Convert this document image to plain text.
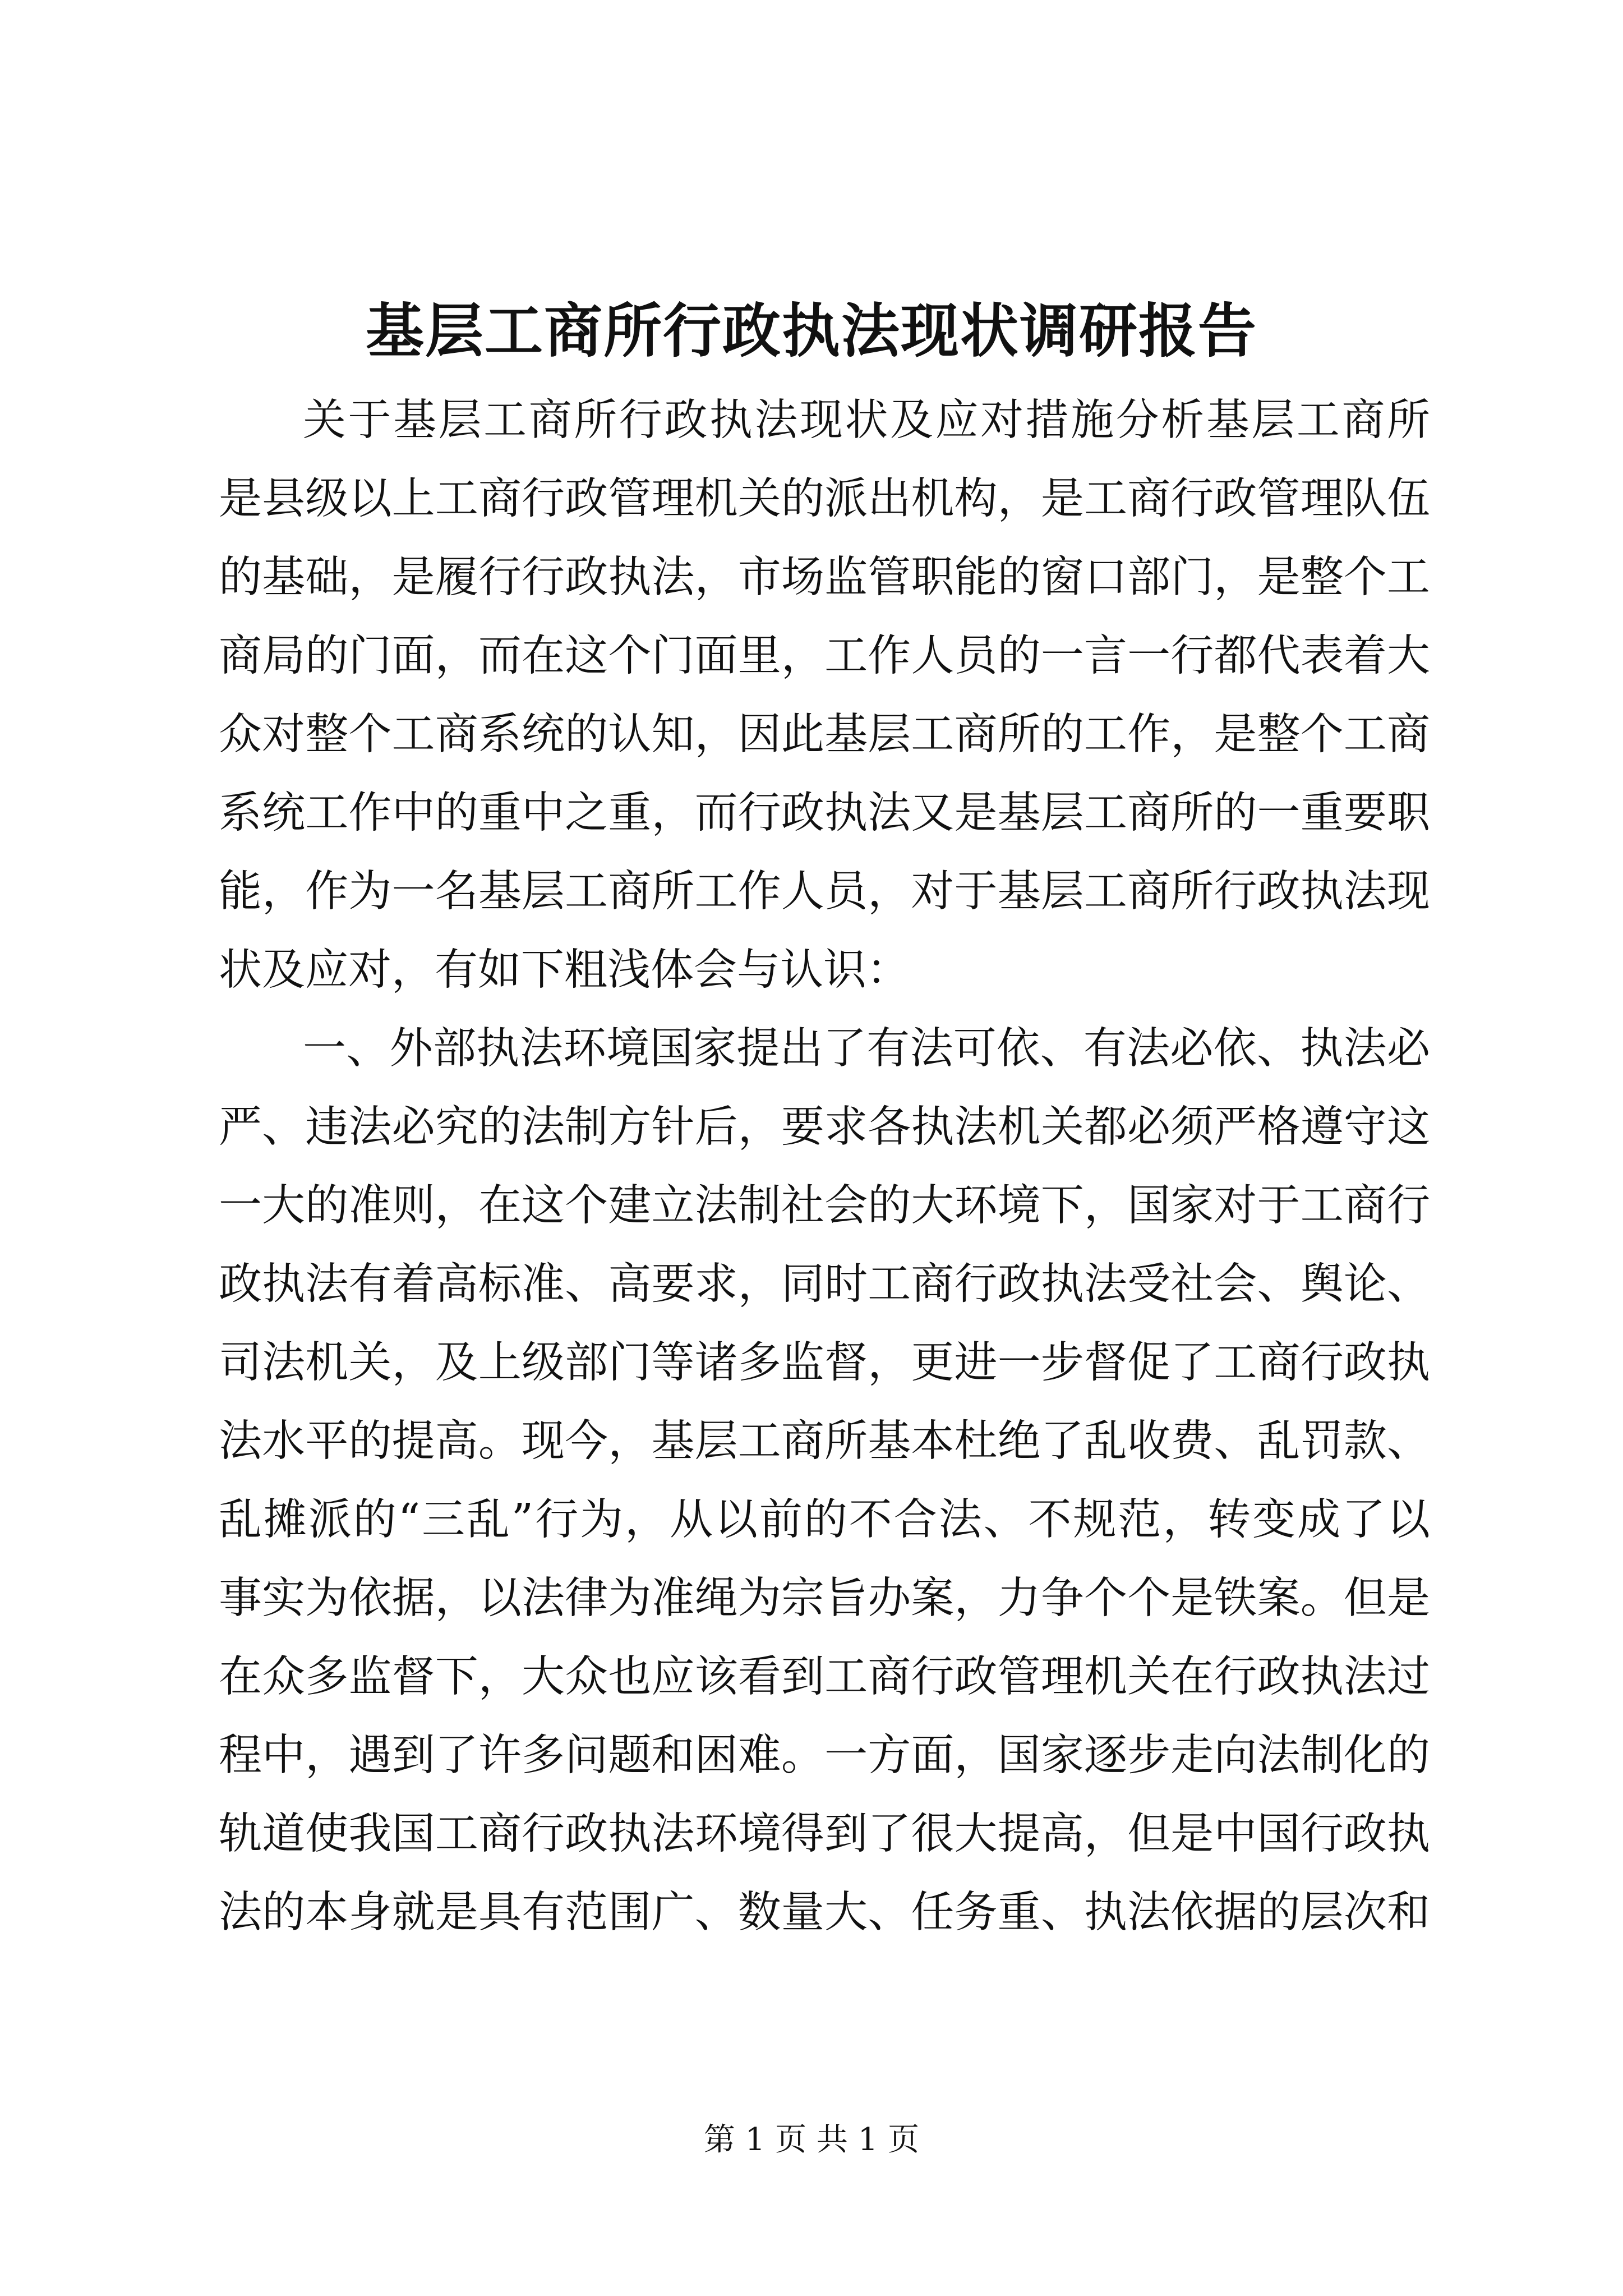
基层工商所行政执法现状调研报告
关于基层工商所行政执法现状及应对措施分析基层工商所
是县级以上工商行政管理机关的派出机构，是工商行政管理队伍
的基础，是履行行政执法，市场监管职能的窗口部门，是整个工
商局的门面，而在这个门面里，工作人员的一言一行都代表着大
众对整个工商系统的认知，因此基层工商所的工作，是整个工商
系统工作中的重中之重，而行政执法又是基层工商所的一重要职
能，作为一名基层工商所工作人员，对于基层工商所行政执法现
状及应对，有如下粗浅体会与认识：
一、外部执法环境国家提出了有法可依、有法必依、执法必
严、违法必究的法制方针后，要求各执法机关都必须严格遵守这
一大的准则，在这个建立法制社会的大环境下，国家对于工商行
政执法有着高标准、高要求，同时工商行政执法受社会、舆论、
司法机关，及上级部门等诸多监督，更进一步督促了工商行政执
法水平的提高。现今，基层工商所基本杜绝了乱收费、乱罚款、
乱摊派的“三乱”行为，从以前的不合法、不规范，转变成了以
事实为依据，以法律为准绳为宗旨办案，力争个个是铁案。但是
在众多监督下，大众也应该看到工商行政管理机关在行政执法过
程中，遇到了许多问题和困难。一方面，国家逐步走向法制化的
轨道使我国工商行政执法环境得到了很大提高，但是中国行政执
法的本身就是具有范围广、数量大、任务重、执法依据的层次和
第 1 页 共 1 页
